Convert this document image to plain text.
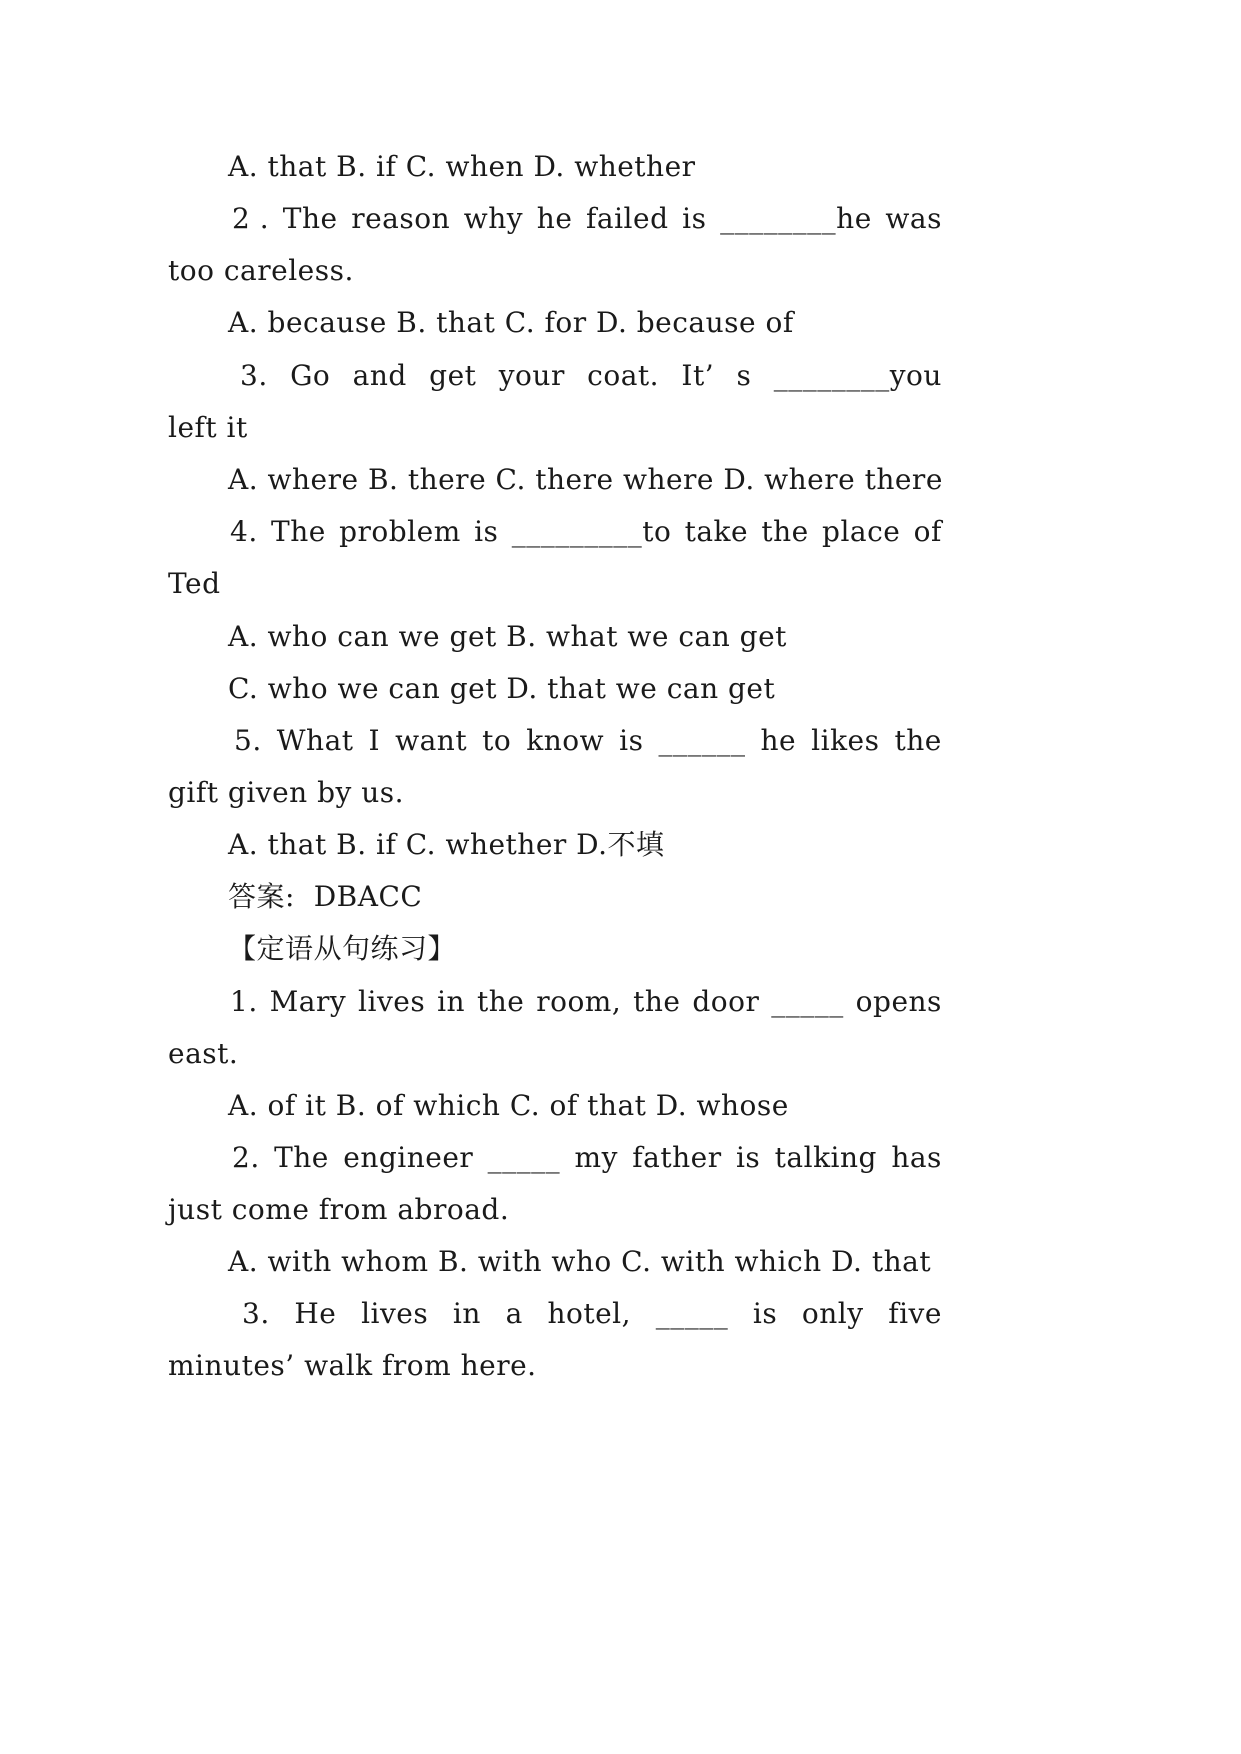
A. that B. if C. when D. whether
2 . The reason why he failed is ________he was
too careless.
A. because B. that C. for D. because of
3. Go and get your coat. It’ s ________you
left it
A. where B. there C. there where D. where there
4. The problem is _________to take the place of
Ted
A. who can we get B. what we can get
C. who we can get D. that we can get
5. What I want to know is ______ he likes the
gift given by us.
A. that B. if C. whether D.不填
答案:  DBACC
【定语从句练习】
1. Mary lives in the room, the door _____ opens
east.
A. of it B. of which C. of that D. whose
2. The engineer _____ my father is talking has
just come from abroad.
A. with whom B. with who C. with which D. that
3. He lives in a hotel, _____ is only five
minutes’ walk from here.
